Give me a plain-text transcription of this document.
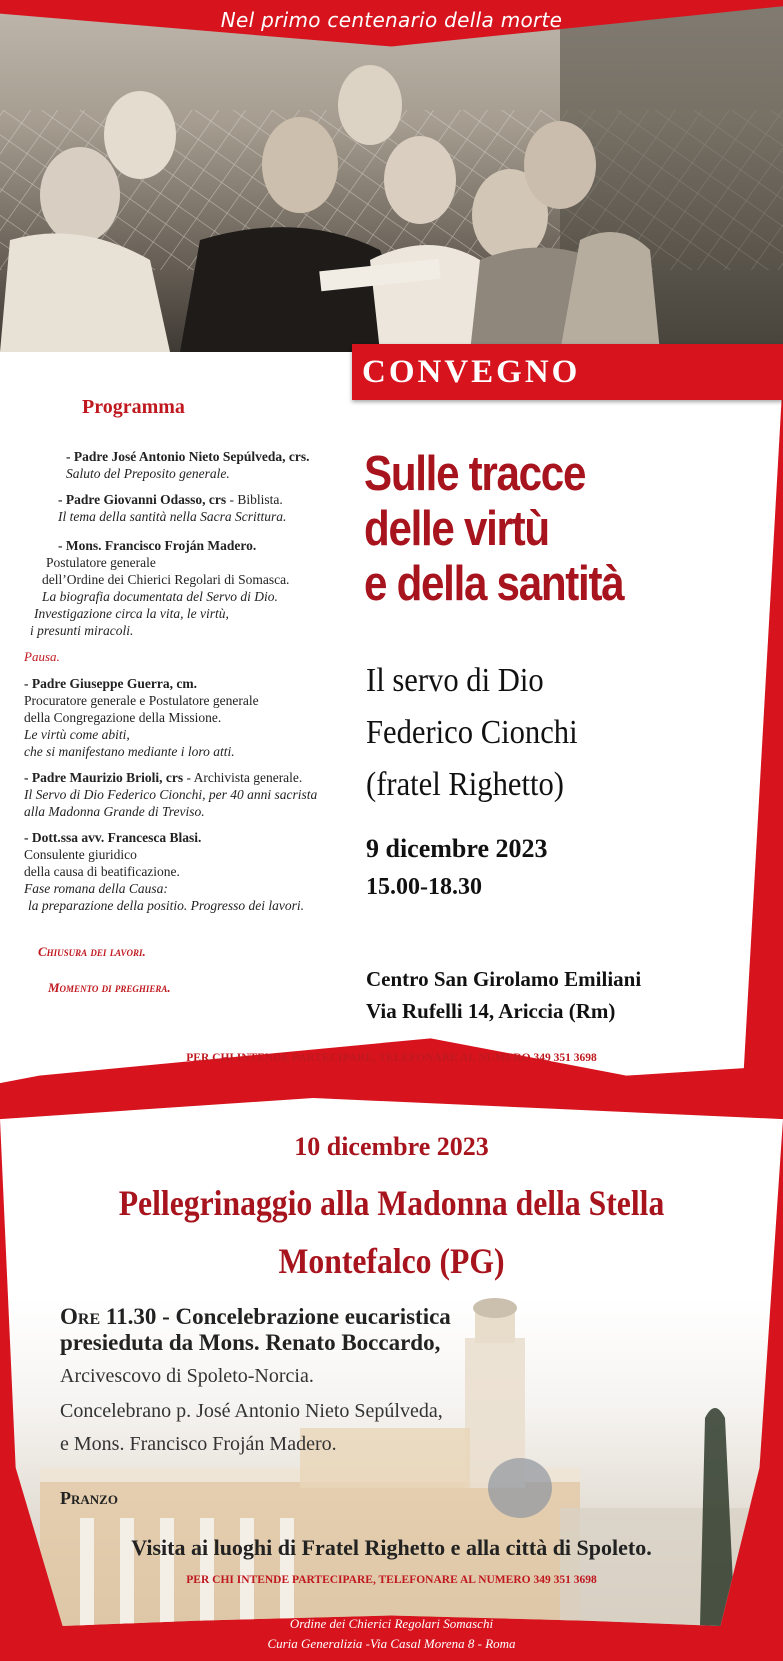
Nel primo centenario della morte
CONVEGNO
Programma
- Padre José Antonio Nieto Sepúlveda, crs.
Saluto del Preposito generale.
- Padre Giovanni Odasso, crs - Biblista.
Il tema della santità nella Sacra Scrittura.
- Mons. Francisco Froján Madero.
Postulatore generale
dell’Ordine dei Chierici Regolari di Somasca.
La biografia documentata del Servo di Dio.
Investigazione circa la vita, le virtù,
i presunti miracoli.
Pausa.
- Padre Giuseppe Guerra, cm.
Procuratore generale e Postulatore generale
della Congregazione della Missione.
Le virtù come abiti,
che si manifestano mediante i loro atti.
- Padre Maurizio Brioli, crs - Archivista generale.
Il Servo di Dio Federico Cionchi, per 40 anni sacrista
alla Madonna Grande di Treviso.
- Dott.ssa avv. Francesca Blasi.
Consulente giuridico
della causa di beatificazione.
Fase romana della Causa:
la preparazione della positio. Progresso dei lavori.
Chiusura dei lavori.
Momento di preghiera.
Sulle tracce
delle virtù
e della santità
Il servo di Dio
Federico Cionchi
(fratel Righetto)
9 dicembre 2023
15.00-18.30
Centro San Girolamo Emiliani
Via Rufelli 14, Ariccia (Rm)
PER CHI INTENDE PARTECIPARE, TELEFONARE AL NUMERO 349 351 3698
10 dicembre 2023
Pellegrinaggio alla Madonna della Stella
Montefalco (PG)
Ore 11.30 - Concelebrazione eucaristica
presieduta da Mons. Renato Boccardo,
Arcivescovo di Spoleto-Norcia.
Concelebrano p. José Antonio Nieto Sepúlveda,
e Mons. Francisco Froján Madero.
Pranzo
Visita ai luoghi di Fratel Righetto e alla città di Spoleto.
PER CHI INTENDE PARTECIPARE, TELEFONARE AL NUMERO 349 351 3698
Ordine dei Chierici Regolari Somaschi
Curia Generalizia -Via Casal Morena 8 - Roma
